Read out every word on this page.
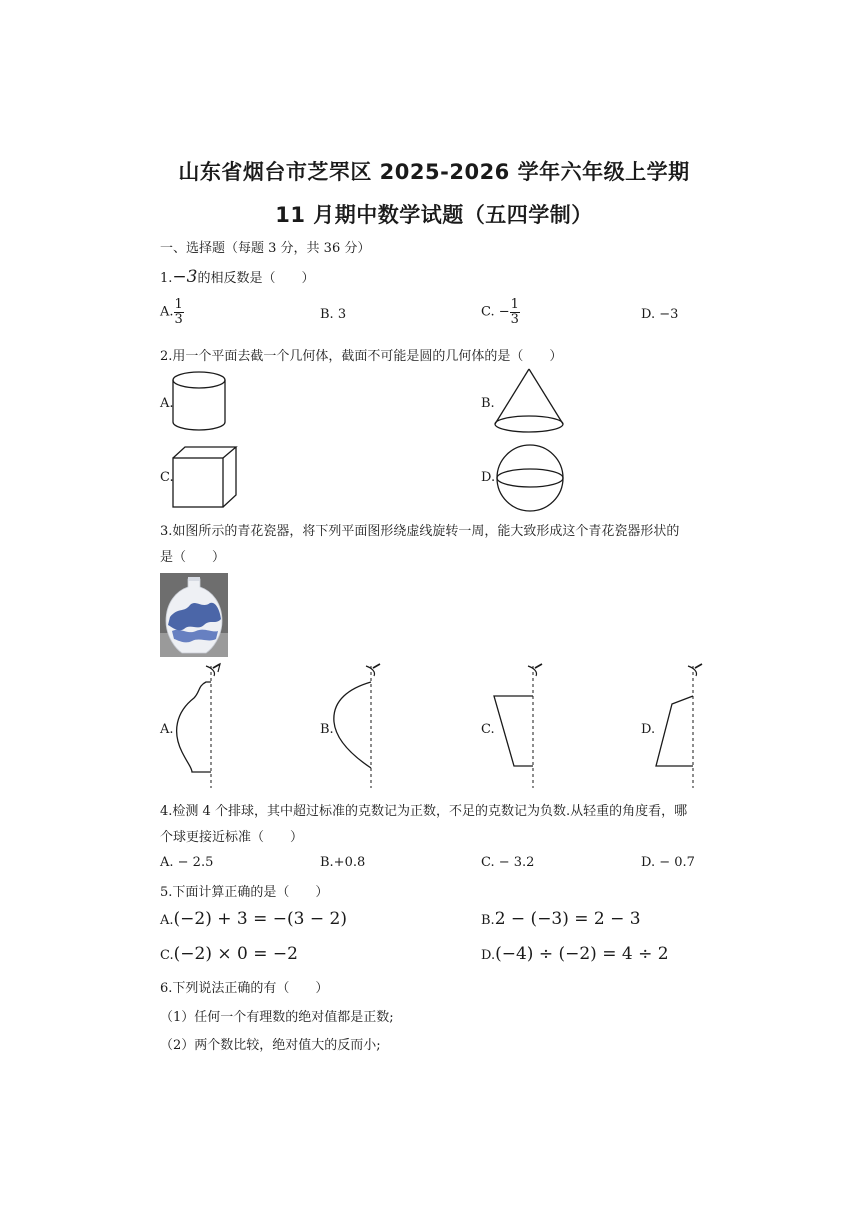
山东省烟台市芝罘区 2025-2026 学年六年级上学期
11 月期中数学试题（五四学制）
一、选择题（每题 3 分，共 36 分）
1.−3的相反数是（　　）
A. $\frac{1}{3}$	B. 3	C. − $\frac{1}{3}$	D. −3
2.用一个平面去截一个几何体，截面不可能是圆的几何体的是（　　）
A.	B.
C.	D.
3.如图所示的青花瓷器，将下列平面图形绕虚线旋转一周，能大致形成这个青花瓷器形状的
是（　　）
A.	B.	C.	D.
4.检测 4 个排球，其中超过标准的克数记为正数，不足的克数记为负数.从轻重的角度看，哪
个球更接近标准（　　）
A. − 2.5	B.+0.8	C. − 3.2	D. − 0.7
5.下面计算正确的是（　　）
A.(−2) + 3 = −(3 − 2)	B.2 − (−3) = 2 − 3
C.(−2) × 0 = −2	D.(−4) ÷ (−2) = 4 ÷ 2
6.下列说法正确的有（　　）
（1）任何一个有理数的绝对值都是正数;
（2）两个数比较，绝对值大的反而小;
